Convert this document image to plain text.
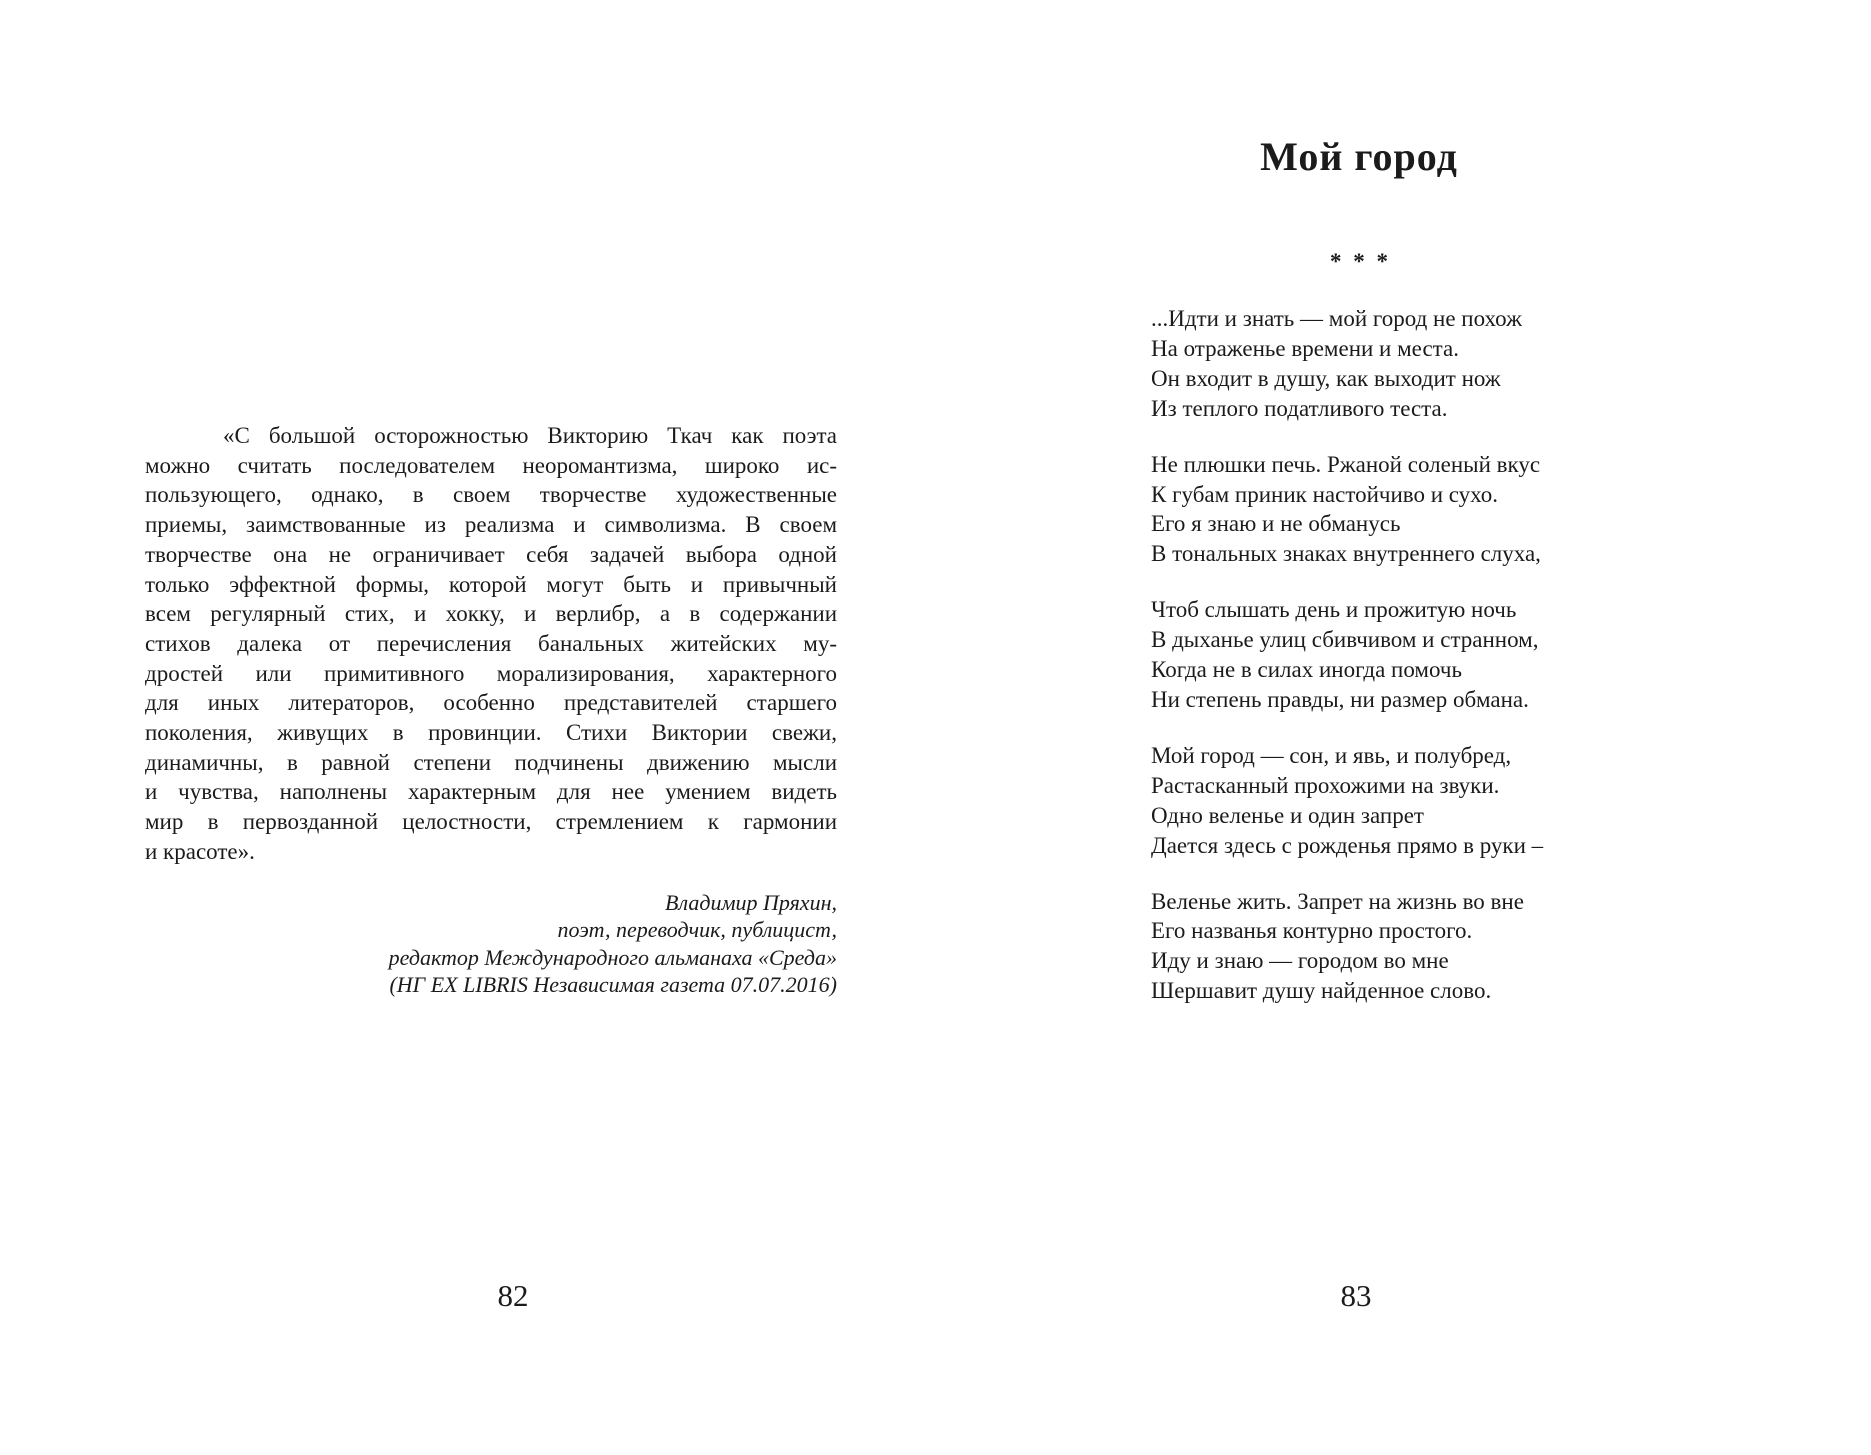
«С большой осторожностью Викторию Ткач как поэта
можно считать последователем неоромантизма, широко ис-
пользующего, однако, в своем творчестве художественные
приемы, заимствованные из реализма и символизма. В своем
творчестве она не ограничивает себя задачей выбора одной
только эффектной формы, которой могут быть и привычный
всем регулярный стих, и хокку, и верлибр, а в содержании
стихов далека от перечисления банальных житейских му-
дростей или примитивного морализирования, характерного
для иных литераторов, особенно представителей старшего
поколения, живущих в провинции. Стихи Виктории свежи,
динамичны, в равной степени подчинены движению мысли
и чувства, наполнены характерным для нее умением видеть
мир в первозданной целостности, стремлением к гармонии
и красоте».
Владимир Пряхин,
поэт, переводчик, публицист,
редактор Международного альманаха «Среда»
(НГ EX LIBRIS Независимая газета 07.07.2016)
82
Мой город
* * *
...Идти и знать — мой город не похож
На отраженье времени и места.
Он входит в душу, как выходит нож
Из теплого податливого теста.
Не плюшки печь. Ржаной соленый вкус
К губам приник настойчиво и сухо.
Его я знаю и не обманусь
В тональных знаках внутреннего слуха,
Чтоб слышать день и прожитую ночь
В дыханье улиц сбивчивом и странном,
Когда не в силах иногда помочь
Ни степень правды, ни размер обмана.
Мой город — сон, и явь, и полубред,
Растасканный прохожими на звуки.
Одно веленье и один запрет
Дается здесь с рожденья прямо в руки –
Веленье жить. Запрет на жизнь во вне
Его названья контурно простого.
Иду и знаю — городом во мне
Шершавит душу найденное слово.
83
